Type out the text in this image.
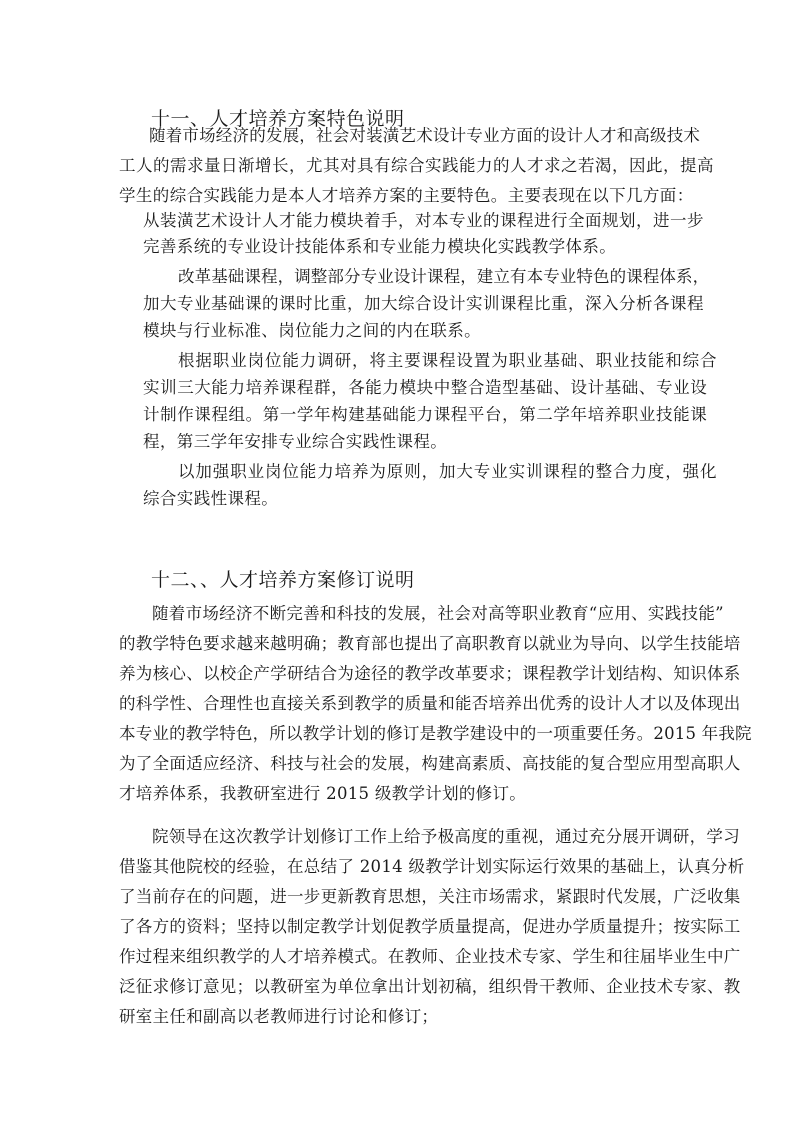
十一、人才培养方案特色说明
随着市场经济的发展，社会对装潢艺术设计专业方面的设计人才和高级技术
工人的需求量日渐增长，尤其对具有综合实践能力的人才求之若渴，因此，提高
学生的综合实践能力是本人才培养方案的主要特色。主要表现在以下几方面：
从装潢艺术设计人才能力模块着手，对本专业的课程进行全面规划，进一步
完善系统的专业设计技能体系和专业能力模块化实践教学体系。
改革基础课程，调整部分专业设计课程，建立有本专业特色的课程体系，
加大专业基础课的课时比重，加大综合设计实训课程比重，深入分析各课程
模块与行业标准、岗位能力之间的内在联系。
根据职业岗位能力调研，将主要课程设置为职业基础、职业技能和综合
实训三大能力培养课程群，各能力模块中整合造型基础、设计基础、专业设
计制作课程组。第一学年构建基础能力课程平台，第二学年培养职业技能课
程，第三学年安排专业综合实践性课程。
以加强职业岗位能力培养为原则，加大专业实训课程的整合力度，强化
综合实践性课程。
十二、、人才培养方案修订说明
随着市场经济不断完善和科技的发展，社会对高等职业教育“应用、实践技能”
的教学特色要求越来越明确；教育部也提出了高职教育以就业为导向、以学生技能培
养为核心、以校企产学研结合为途径的教学改革要求；课程教学计划结构、知识体系
的科学性、合理性也直接关系到教学的质量和能否培养出优秀的设计人才以及体现出
本专业的教学特色，所以教学计划的修订是教学建设中的一项重要任务。2015 年我院
为了全面适应经济、科技与社会的发展，构建高素质、高技能的复合型应用型高职人
才培养体系，我教研室进行 2015 级教学计划的修订。
院领导在这次教学计划修订工作上给予极高度的重视，通过充分展开调研，学习
借鉴其他院校的经验，在总结了 2014 级教学计划实际运行效果的基础上，认真分析
了当前存在的问题，进一步更新教育思想，关注市场需求，紧跟时代发展，广泛收集
了各方的资料；坚持以制定教学计划促教学质量提高，促进办学质量提升；按实际工
作过程来组织教学的人才培养模式。在教师、企业技术专家、学生和往届毕业生中广
泛征求修订意见；以教研室为单位拿出计划初稿，组织骨干教师、企业技术专家、教
研室主任和副高以老教师进行讨论和修订；
